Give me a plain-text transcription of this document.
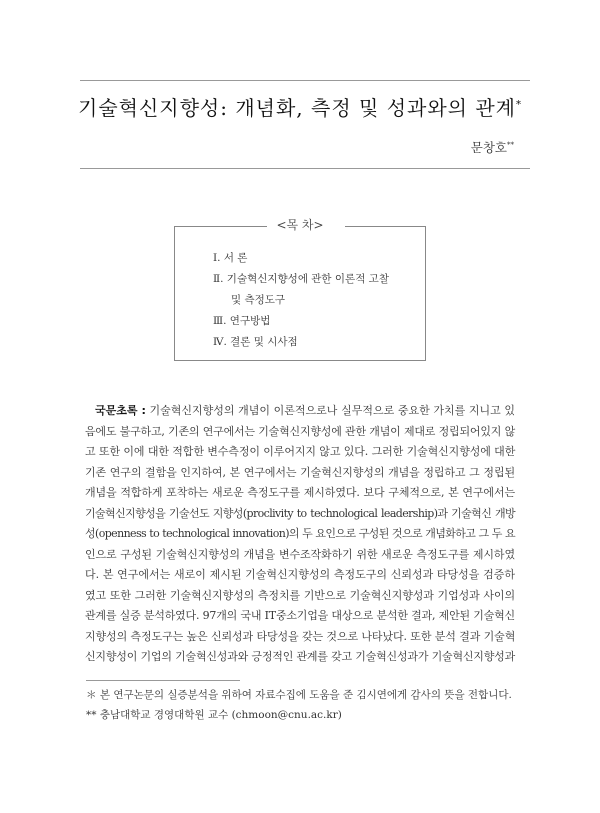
기술혁신지향성: 개념화, 측정 및 성과와의 관계*
문창호**
<목 차>
Ⅰ. 서 론
Ⅱ. 기술혁신지향성에 관한 이론적 고찰
및 측정도구
Ⅲ. 연구방법
Ⅳ. 결론 및 시사점
국문초록 : 기술혁신지향성의 개념이 이론적으로나 실무적으로 중요한 가치를 지니고 있
음에도 불구하고, 기존의 연구에서는 기술혁신지향성에 관한 개념이 제대로 정립되어있지 않
고 또한 이에 대한 적합한 변수측정이 이루어지지 않고 있다. 그러한 기술혁신지향성에 대한
기존 연구의 결함을 인지하여, 본 연구에서는 기술혁신지향성의 개념을 정립하고 그 정립된
개념을 적합하게 포착하는 새로운 측정도구를 제시하였다. 보다 구체적으로, 본 연구에서는
기술혁신지향성을 기술선도 지향성(proclivity to technological leadership)과 기술혁신 개방
성(openness to technological innovation)의 두 요인으로 구성된 것으로 개념화하고 그 두 요
인으로 구성된 기술혁신지향성의 개념을 변수조작화하기 위한 새로운 측정도구를 제시하였
다. 본 연구에서는 새로이 제시된 기술혁신지향성의 측정도구의 신뢰성과 타당성을 검증하
였고 또한 그러한 기술혁신지향성의 측정치를 기반으로 기술혁신지향성과 기업성과 사이의
관계를 실증 분석하였다. 97개의 국내 IT중소기업을 대상으로 분석한 결과, 제안된 기술혁신
지향성의 측정도구는 높은 신뢰성과 타당성을 갖는 것으로 나타났다. 또한 분석 결과 기술혁
신지향성이 기업의 기술혁신성과와 긍정적인 관계를 갖고 기술혁신성과가 기술혁신지향성과
＊ 본 연구논문의 실증분석을 위하여 자료수집에 도움을 준 김시연에게 감사의 뜻을 전합니다.
** 충남대학교 경영대학원 교수 (chmoon@cnu.ac.kr)
